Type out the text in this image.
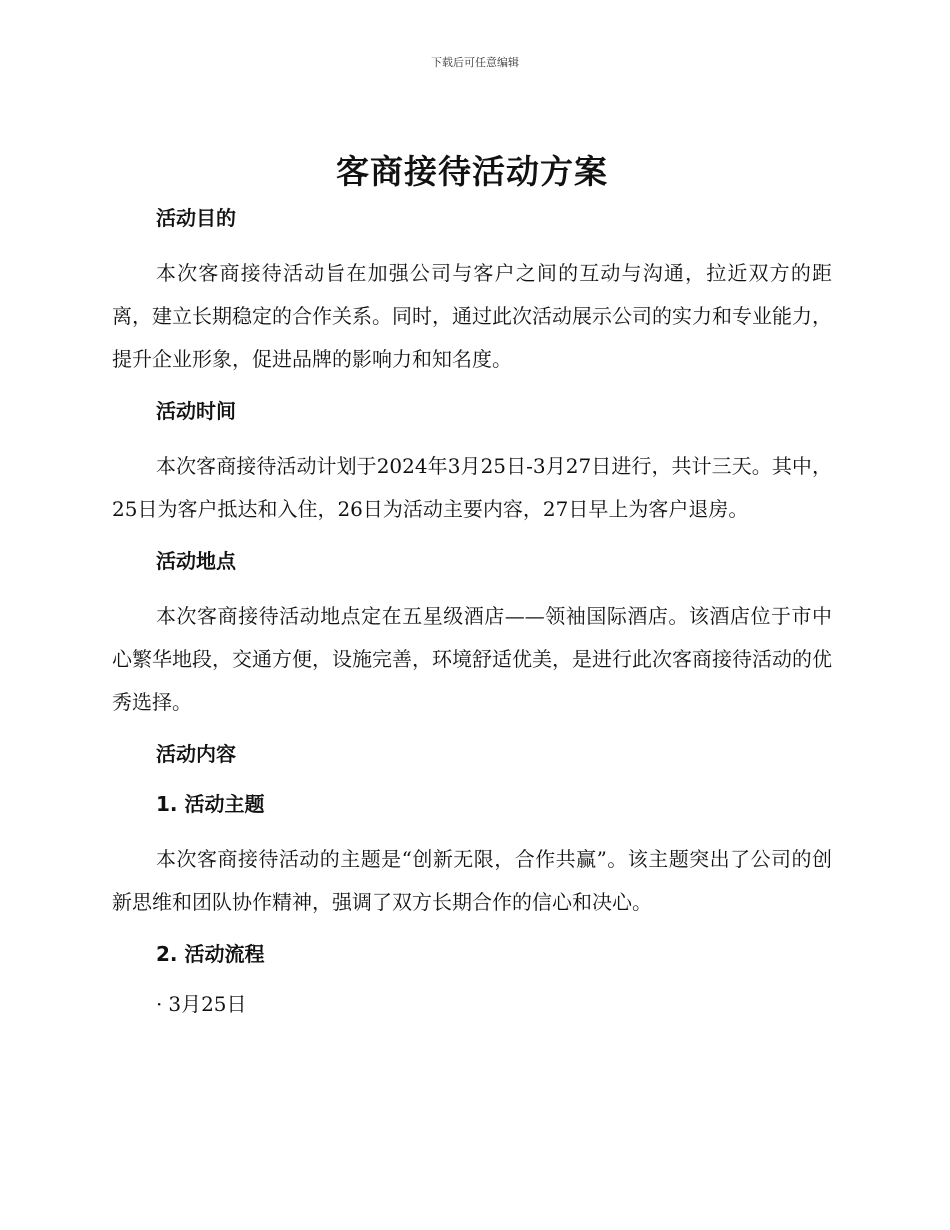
下载后可任意编辑
客商接待活动方案
活动目的

本次客商接待活动旨在加强公司与客户之间的互动与沟通，拉近双方的距离，建立长期稳定的合作关系。同时，通过此次活动展示公司的实力和专业能力，提升企业形象，促进品牌的影响力和知名度。

活动时间

本次客商接待活动计划于2024年3月25日-3月27日进行，共计三天。其中，25日为客户抵达和入住，26日为活动主要内容，27日早上为客户退房。

活动地点

本次客商接待活动地点定在五星级酒店——领袖国际酒店。该酒店位于市中心繁华地段，交通方便，设施完善，环境舒适优美，是进行此次客商接待活动的优秀选择。

活动内容
1. 活动主题

本次客商接待活动的主题是“创新无限，合作共赢”。该主题突出了公司的创新思维和团队协作精神，强调了双方长期合作的信心和决心。

2. 活动流程
· 3月25日
